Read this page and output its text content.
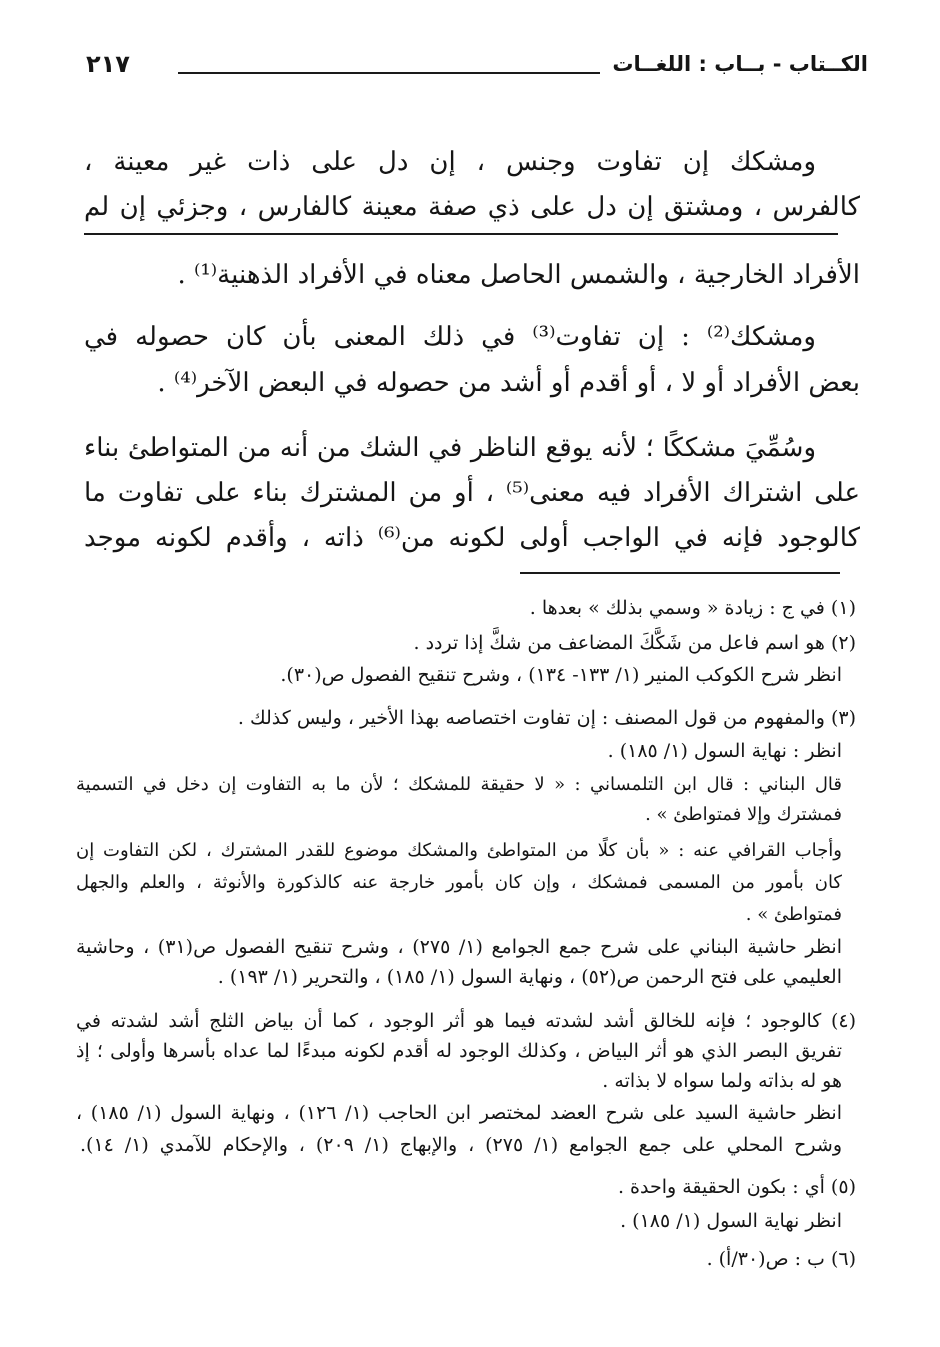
الكــتاب - بــاب : اللغــات
٢١٧
ومشكك إن تفاوت وجنس ، إن دل على ذات غير معينة ،
كالفرس ، ومشتق إن دل على ذي صفة معينة كالفارس ، وجزئي إن لم
الأفراد الخارجية ، والشمس الحاصل معناه في الأفراد الذهنية⁽¹⁾ .
ومشكك⁽²⁾ : إن تفاوت⁽³⁾ في ذلك المعنى بأن كان حصوله في
بعض الأفراد أو لا ، أو أقدم أو أشد من حصوله في البعض الآخر⁽⁴⁾ .
وسُمِّيَ مشككًا ؛ لأنه يوقع الناظر في الشك من أنه من المتواطئ بناء
على اشتراك الأفراد فيه معنى⁽⁵⁾ ، أو من المشترك بناء على تفاوت ما
كالوجود فإنه في الواجب أولى لكونه من⁽⁶⁾ ذاته ، وأقدم لكونه موجد
(١) في ج : زيادة « وسمي بذلك » بعدها .
(٢) هو اسم فاعل من شَكَّكَ المضاعف من شكَّ إذا تردد .
انظر شرح الكوكب المنير (١/ ١٣٣- ١٣٤) ، وشرح تنقيح الفصول ص(٣٠).
(٣) والمفهوم من قول المصنف : إن تفاوت اختصاصه بهذا الأخير ، وليس كذلك .
انظر : نهاية السول (١/ ١٨٥) .
قال البناني : قال ابن التلمساني : « لا حقيقة للمشكك ؛ لأن ما به التفاوت إن دخل في التسمية
فمشترك وإلا فمتواطئ » .
وأجاب القرافي عنه : « بأن كلًا من المتواطئ والمشكك موضوع للقدر المشترك ، لكن التفاوت إن
كان بأمور من المسمى فمشكك ، وإن كان بأمور خارجة عنه كالذكورة والأنوثة ، والعلم والجهل
فمتواطئ » .
انظر حاشية البناني على شرح جمع الجوامع (١/ ٢٧٥) ، وشرح تنقيح الفصول ص(٣١) ، وحاشية
العليمي على فتح الرحمن ص(٥٢) ، ونهاية السول (١/ ١٨٥) ، والتحرير (١/ ١٩٣) .
(٤) كالوجود ؛ فإنه للخالق أشد لشدته فيما هو أثر الوجود ، كما أن بياض الثلج أشد لشدته في
تفريق البصر الذي هو أثر البياض ، وكذلك الوجود له أقدم لكونه مبدءًا لما عداه بأسرها وأولى ؛ إذ
هو له بذاته ولما سواه لا بذاته .
انظر حاشية السيد على شرح العضد لمختصر ابن الحاجب (١/ ١٢٦) ، ونهاية السول (١/ ١٨٥) ،
وشرح المحلي على جمع الجوامع (١/ ٢٧٥) ، والإبهاج (١/ ٢٠٩) ، والإحكام للآمدي (١/ ١٤).
(٥) أي : بكون الحقيقة واحدة .
انظر نهاية السول (١/ ١٨٥) .
(٦) ب : ص(٣٠/أ) .
